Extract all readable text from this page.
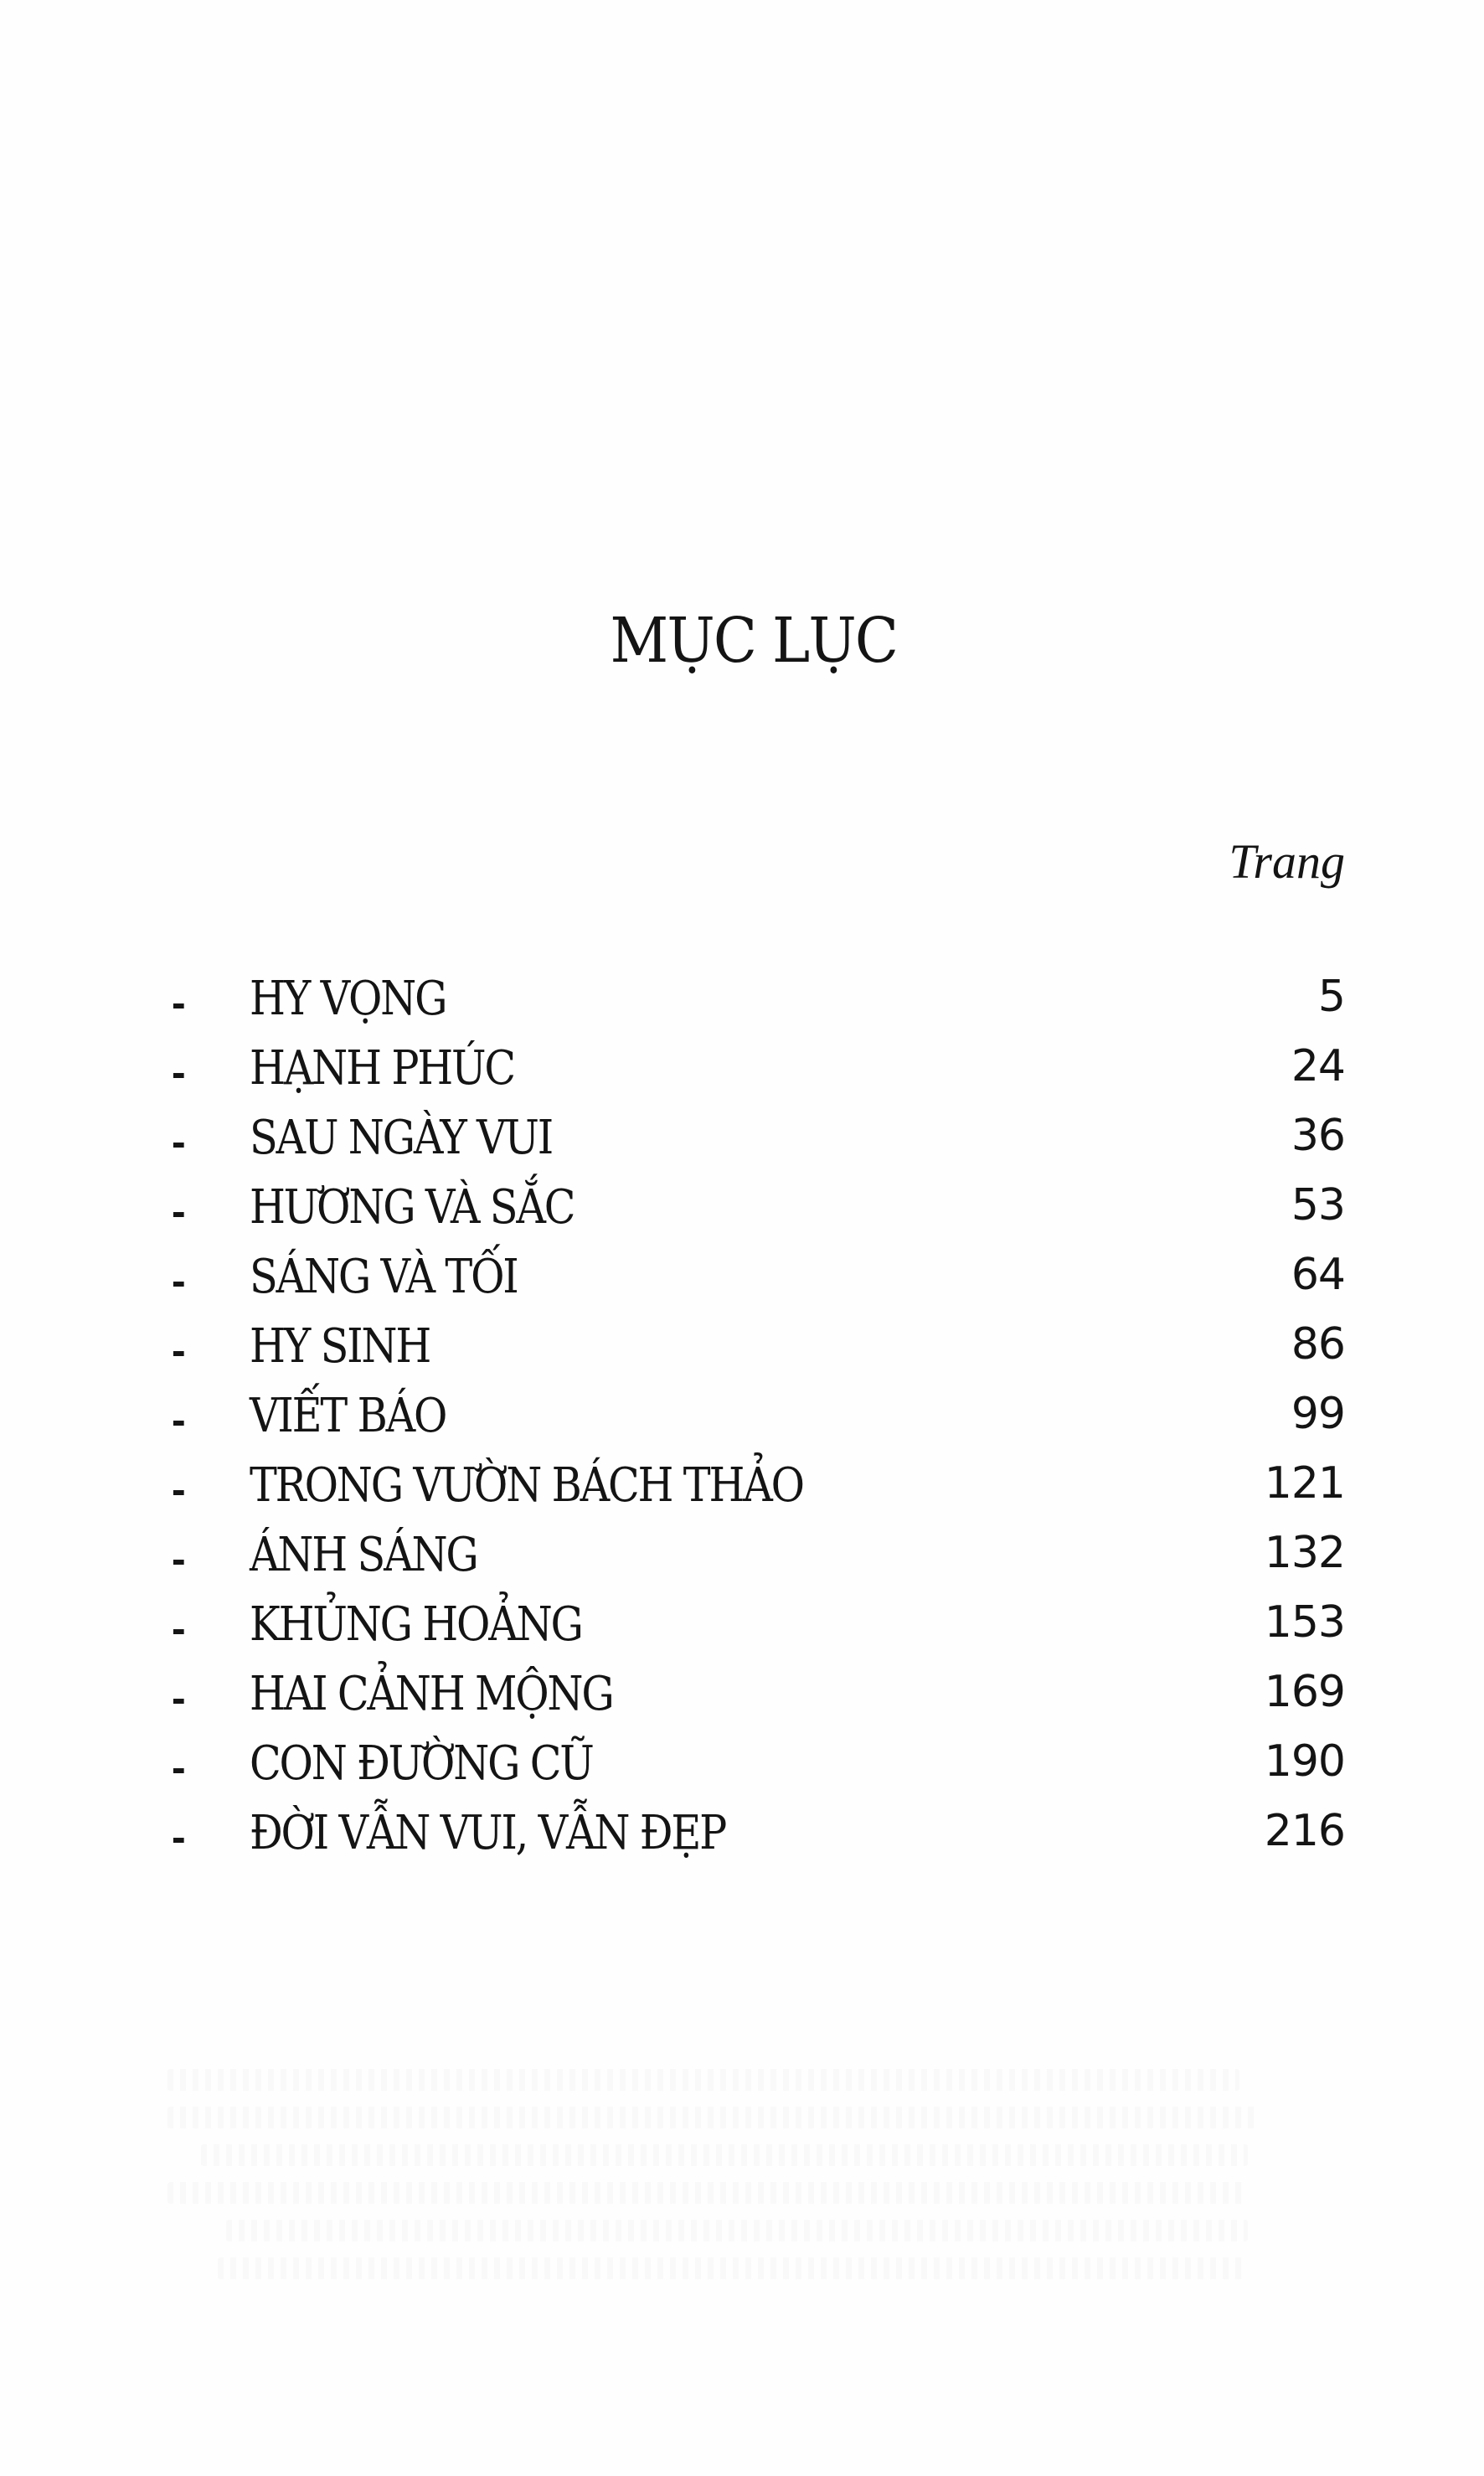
MỤC LỤC
Trang
- HY VỌNG	5
- HẠNH PHÚC	24
- SAU NGÀY VUI	36
- HƯƠNG VÀ SẮC	53
- SÁNG VÀ TỐI	64
- HY SINH	86
- VIẾT BÁO	99
- TRONG VƯỜN BÁCH THẢO	121
- ÁNH SÁNG	132
- KHỦNG HOẢNG	153
- HAI CẢNH MỘNG	169
- CON ĐƯỜNG CŨ	190
- ĐỜI VẪN VUI, VẪN ĐẸP	216
